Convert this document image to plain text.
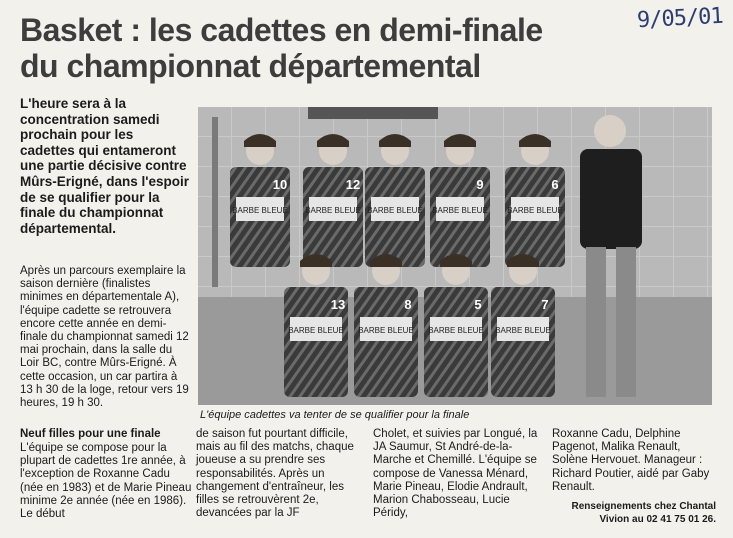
9/05/01
Basket : les cadettes en demi-finale
du championnat départemental

L'heure sera à la concentration samedi prochain pour les cadettes qui entameront une partie décisive contre Mûrs-Erigné, dans l'espoir de se qualifier pour la finale du championnat départemental.

Après un parcours exemplaire la saison dernière (finalistes minimes en départementale A), l'équipe cadette se retrouvera encore cette année en demi-finale du championnat samedi 12 mai prochain, dans la salle du Loir BC, contre Mûrs-Erigné. À cette occasion, un car partira à 13 h 30 de la loge, retour vers 19 heures, 19 h 30.

Neuf filles pour une finale

L'équipe se compose pour la plupart de cadettes 1re année, à l'exception de Roxanne Cadu (née en 1983) et de Marie Pineau minime 2e année (née en 1986). Le début

de saison fut pourtant difficile, mais au fil des matchs, chaque joueuse a su prendre ses responsabilités. Après un changement d'entraîneur, les filles se retrouvèrent 2e, devancées par la JF

Cholet, et suivies par Longué, la JA Saumur, St André-de-la-Marche et Chemillé. L'équipe se compose de Vanessa Ménard, Marie Pineau, Elodie Andrault, Marion Chabosseau, Lucie Péridy,

Roxanne Cadu, Delphine Pagenot, Malika Renault, Solène Hervouet. Manageur : Richard Poutier, aidé par Gaby Renault.

BARBE BLEUE
10
BARBE BLEUE
12
BARBE BLEUE BARBE BLEUE
9
BARBE BLEUE
6
BARBE BLEUE
13
BARBE BLEUE
8
BARBE BLEUE
5
BARBE BLEUE
7

L'équipe cadettes va tenter de se qualifier pour la finale

Renseignements chez Chantal
Vivion au 02 41 75 01 26.
